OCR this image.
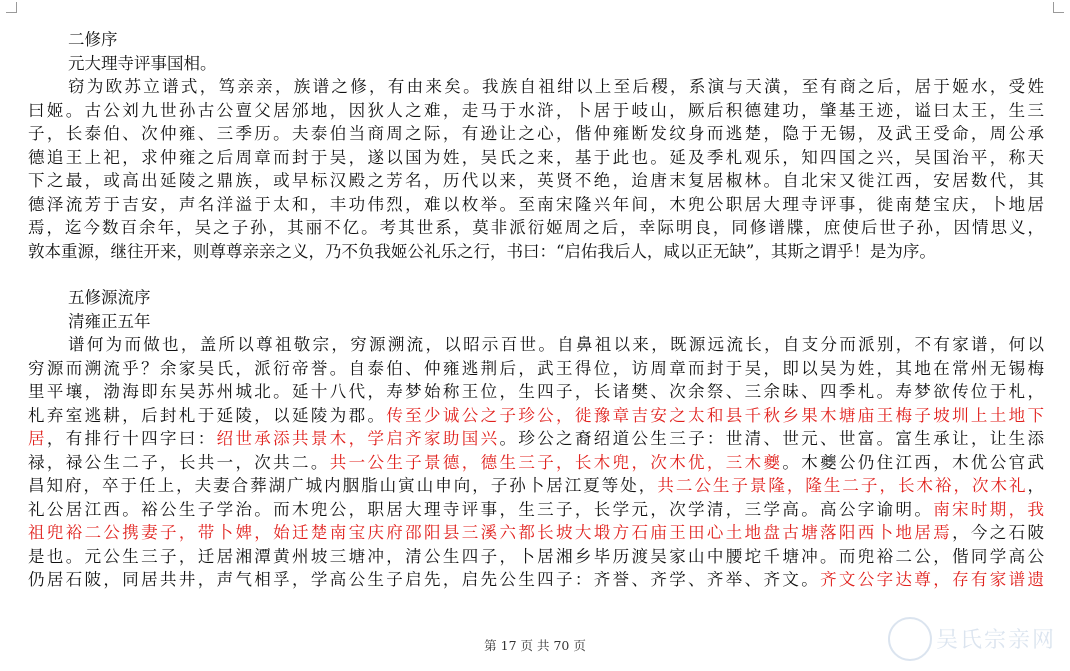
二修序
元大理寺评事国相。
窃为欧苏立谱式，笃亲亲，族谱之修，有由来矣。我族自祖绀以上至后稷，系演与天潢，至有商之后，居于姬水，受姓
曰姬。古公刘九世孙古公亶父居邠地，因狄人之难，走马于水浒，卜居于岐山，厥后积德建功，肇基王迹，谥曰太王，生三
子，长泰伯、次仲雍、三季历。夫泰伯当商周之际，有逊让之心，偕仲雍断发纹身而逃楚，隐于无锡，及武王受命，周公承
德追王上祀，求仲雍之后周章而封于吴，遂以国为姓，吴氏之来，基于此也。延及季札观乐，知四国之兴，吴国治平，称天
下之最，或高出延陵之鼎族，或早标汉殿之芳名，历代以来，英贤不绝，迨唐末复居椒林。自北宋又徙江西，安居数代，其
德泽流芳于吉安，声名洋溢于太和，丰功伟烈，难以枚举。至南宋隆兴年间，木兜公职居大理寺评事，徙南楚宝庆，卜地居
焉，迄今数百余年，吴之子孙，其丽不亿。考其世系，莫非派衍姬周之后，幸际明良，同修谱牒，庶使后世子孙，因情思义，
敦本重源，继往开来，则尊尊亲亲之义，乃不负我姬公礼乐之行，书曰：“启佑我后人，咸以正无缺”，其斯之谓乎！是为序。
五修源流序
清雍正五年
谱何为而做也，盖所以尊祖敬宗，穷源溯流，以昭示百世。自鼻祖以来，既源远流长，自支分而派别，不有家谱，何以
穷源而溯流乎？余家吴氏，派衍帝誉。自泰伯、仲雍逃荆后，武王得位，访周章而封于吴，即以吴为姓，其地在常州无锡梅
里平壤，渤海即东吴苏州城北。延十八代，寿梦始称王位，生四子，长诸樊、次余祭、三余昧、四季札。寿梦欲传位于札，
札弃室逃耕，后封札于延陵，以延陵为郡。传至少诚公之子珍公，徙豫章吉安之太和县千秋乡果木塘庙王梅子坡圳上土地下
居，有排行十四字曰：绍世承添共景木，学启齐家助国兴。珍公之裔绍道公生三子：世清、世元、世富。富生承让，让生添
禄，禄公生二子，长共一，次共二。共一公生子景德，德生三子，长木兜，次木优，三木夔。木夔公仍住江西，木优公官武
昌知府，卒于任上，夫妻合葬湖广城内胭脂山寅山申向，子孙卜居江夏等处，共二公生子景隆，隆生二子，长木裕，次木礼，
礼公居江西。裕公生子学治。而木兜公，职居大理寺评事，生三子，长学元，次学清，三学高。高公字谕明。南宋时期，我
祖兜裕二公携妻子，带卜婢，始迁楚南宝庆府邵阳县三溪六都长坡大塅方石庙王田心土地盘古塘落阳西卜地居焉，今之石陂
是也。元公生三子，迁居湘潭黄州坡三塘冲，清公生四子，卜居湘乡毕历渡吴家山中腰坨千塘冲。而兜裕二公，偕同学高公
仍居石陂，同居共井，声气相孚，学高公生子启先，启先公生四子：齐誉、齐学、齐举、齐文。齐文公字达尊，存有家谱遗
第 17 页 共 70 页	吴氏宗亲网
